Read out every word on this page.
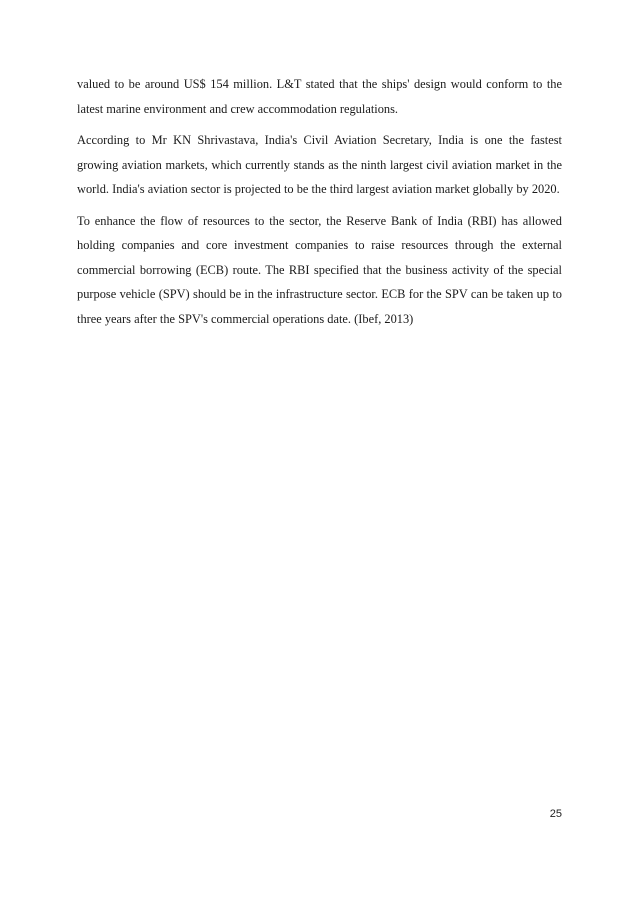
valued to be around US$ 154 million. L&T stated that the ships' design would conform to the latest marine environment and crew accommodation regulations.

According to Mr KN Shrivastava, India's Civil Aviation Secretary, India is one the fastest growing aviation markets, which currently stands as the ninth largest civil aviation market in the world. India's aviation sector is projected to be the third largest aviation market globally by 2020.

To enhance the flow of resources to the sector, the Reserve Bank of India (RBI) has allowed holding companies and core investment companies to raise resources through the external commercial borrowing (ECB) route. The RBI specified that the business activity of the special purpose vehicle (SPV) should be in the infrastructure sector. ECB for the SPV can be taken up to three years after the SPV's commercial operations date. (Ibef, 2013)

25
